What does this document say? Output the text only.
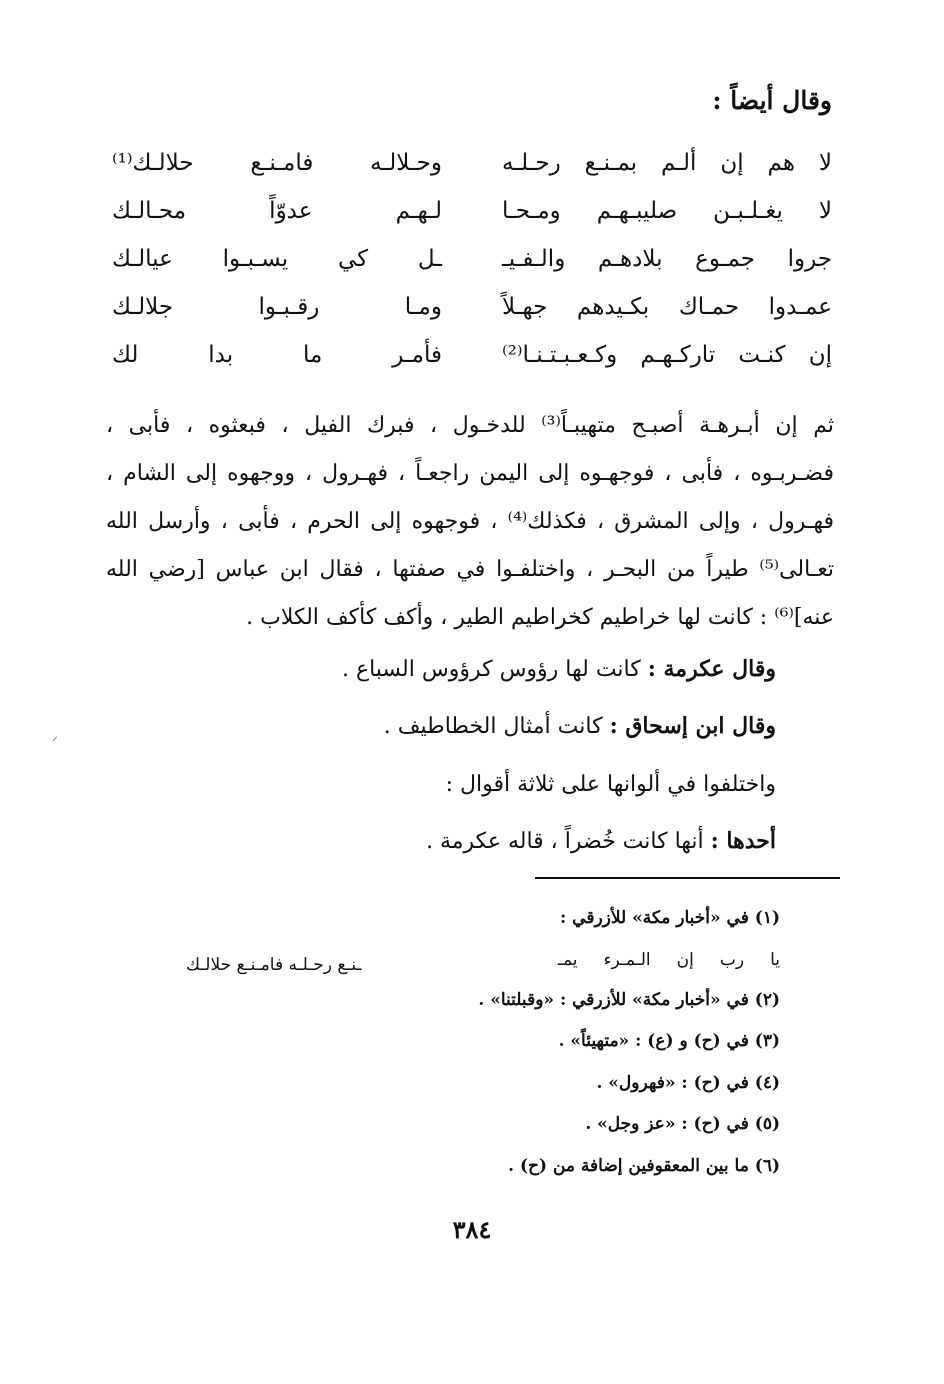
وقال أيضاً :
لا هم إن ألـم بمـنـع رحـلـه
وحـلالـه فامـنـع حلالـك⁽¹⁾
لا يغـلـبـن صليبـهـم ومـحـا
لـهـم عدوّاً محـالـك
جروا جمـوع بلادهـم والـفـيـ
ـل كي يسـبـوا عيالـك
عمـدوا حمـاك بكـيدهم جهـلاً
ومـا رقـبـوا جلالـك
إن كنـت تاركـهـم وكـعـبـتـنـا⁽²⁾
فأمـر ما بدا لك
ثم إن أبـرهـة أصبـح متهيبـاً⁽³⁾ للدخـول ، فبرك الفيل ، فبعثوه ، فأبى ،
فضـربـوه ، فأبى ، فوجهـوه إلى اليمن راجعـاً ، فهـرول ، ووجهوه إلى الشام ،
فهـرول ، وإلى المشرق ، فكذلك⁽⁴⁾ ، فوجهوه إلى الحرم ، فأبى ، وأرسل الله
تعـالى⁽⁵⁾ طيراً من البحـر ، واختلفـوا في صفتها ، فقال ابن عباس [رضي الله
عنه]⁽⁶⁾ : كانت لها خراطيم كخراطيم الطير ، وأكف كأكف الكلاب .
وقال عكرمة : كانت لها رؤوس كرؤوس السباع .
وقال ابن إسحاق : كانت أمثال الخطاطيف .
واختلفوا في ألوانها على ثلاثة أقوال :
أحدها : أنها كانت خُضراً ، قاله عكرمة .
(١) في «أخبار مكة» للأزرقي :
يا رب إن الـمـرء يمـ
ـنـع رحـلـه فامـنـع حلالـك
(٢) في «أخبار مكة» للأزرقي : «وقبلتنا» .
(٣) في (ح) و (ع) : «متهيئاً» .
(٤) في (ح) : «فهرول» .
(٥) في (ح) : «عز وجل» .
(٦) ما بين المعقوفين إضافة من (ح) .
٣٨٤
⸜
